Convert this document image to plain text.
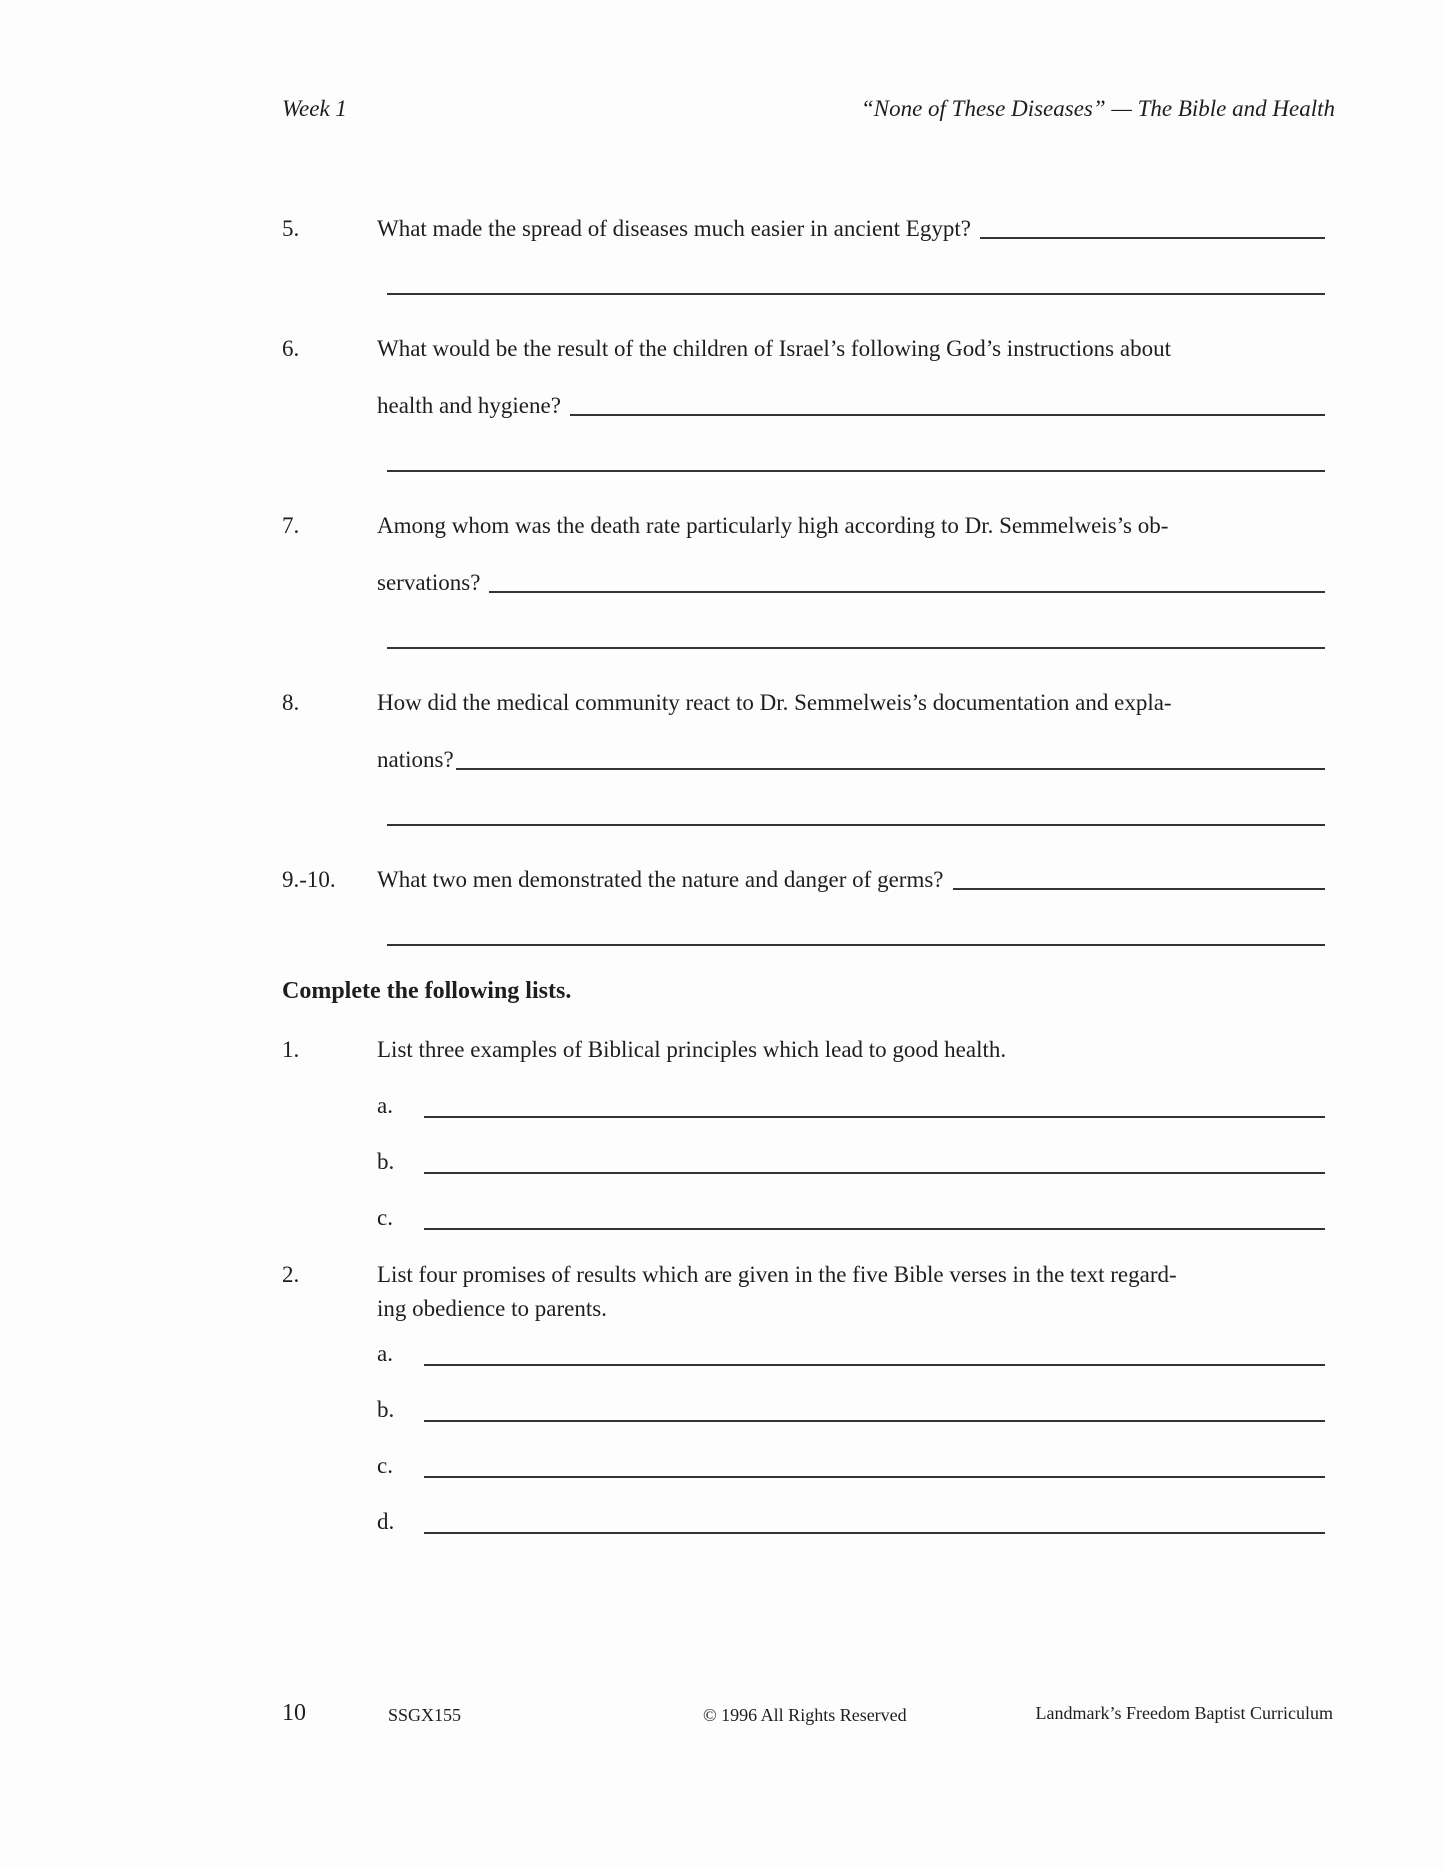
Week 1	“None of These Diseases” — The Bible and Health
5.	What made the spread of diseases much easier in ancient Egypt?
6.	What would be the result of the children of Israel’s following God’s instructions about
health and hygiene?
7.	Among whom was the death rate particularly high according to Dr. Semmelweis’s ob-
servations?
8.	How did the medical community react to Dr. Semmelweis’s documentation and expla-
nations?
9.-10.	What two men demonstrated the nature and danger of germs?
Complete the following lists.
1.	List three examples of Biblical principles which lead to good health.
a.
b.
c.
2.	List four promises of results which are given in the five Bible verses in the text regard-
ing obedience to parents.
a.
b.
c.
d.
10	SSGX155	© 1996 All Rights Reserved	Landmark’s Freedom Baptist Curriculum
